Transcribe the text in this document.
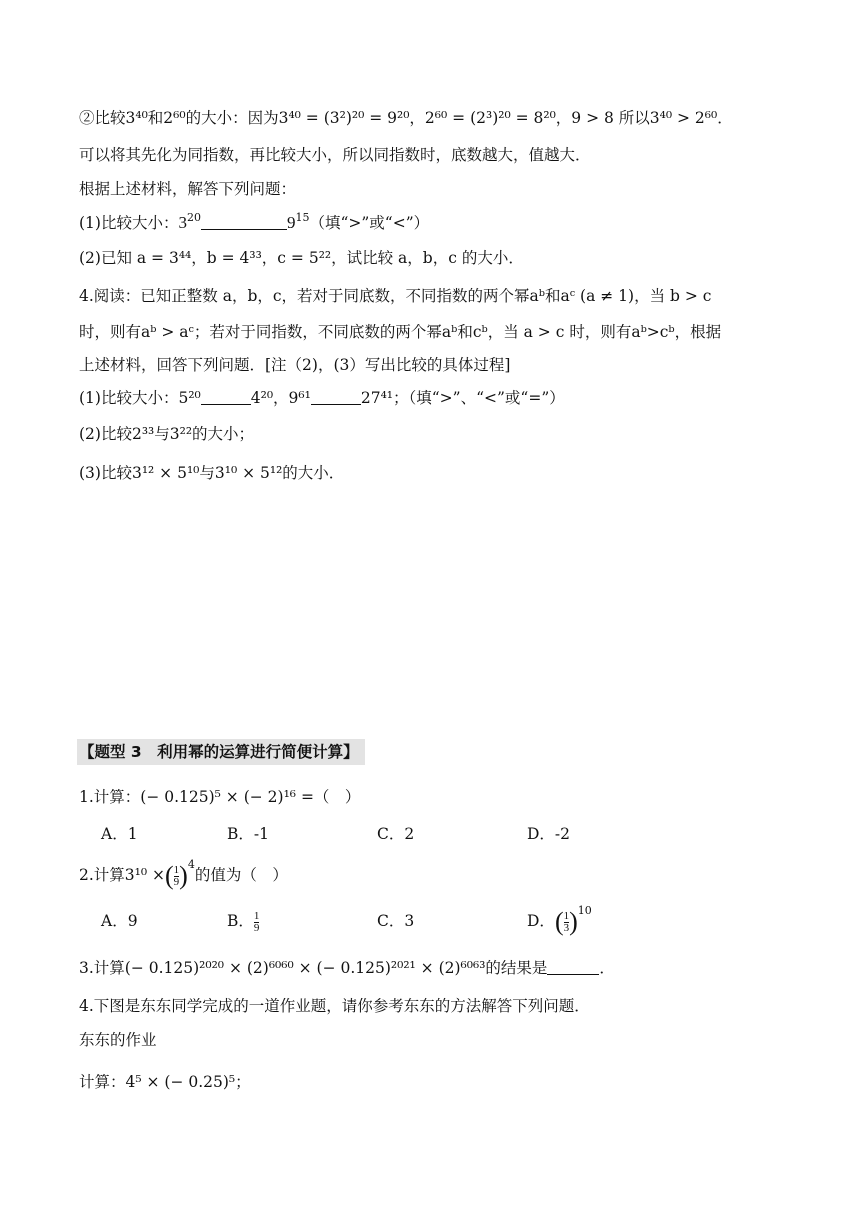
②比较3⁴⁰和2⁶⁰的大小：因为3⁴⁰ = (3²)²⁰ = 9²⁰，2⁶⁰ = (2³)²⁰ = 8²⁰，9 > 8 所以3⁴⁰ > 2⁶⁰．
可以将其先化为同指数，再比较大小，所以同指数时，底数越大，值越大．
根据上述材料，解答下列问题：
(1)比较大小：$3^{20}$	$9^{15}$（填“>”或“<”）
(2)已知 a = 3⁴⁴，b = 4³³，c = 5²²，试比较 a，b，c 的大小．
4.阅读：已知正整数 a，b，c，若对于同底数，不同指数的两个幂aᵇ和aᶜ (a ≠ 1)，当 b > c
时，则有aᵇ > aᶜ；若对于同指数，不同底数的两个幂aᵇ和cᵇ，当 a > c 时，则有aᵇ>cᵇ，根据
上述材料，回答下列问题．[注（2)，(3）写出比较的具体过程]
(1)比较大小：5²⁰	4²⁰，9⁶¹	27⁴¹；（填“>”、“<”或“=”）
(2)比较2³³与3²²的大小；
(3)比较3¹² × 5¹⁰与3¹⁰ × 5¹²的大小．
【题型 3　利用幂的运算进行简便计算】
1.计算：(− 0.125)⁵ × (− 2)¹⁶ =（　）
A．1	B．-1	C．2	D．-2
2.计算3¹⁰ ×( $\frac{1}{9} )^4$的值为（　）
A．9	B． $\frac{1}{9}$	C．3	D．( $\frac{1}{3} )^{10}$
3.计算(− 0.125)²⁰²⁰ × (2)⁶⁰⁶⁰ × (− 0.125)²⁰²¹ × (2)⁶⁰⁶³的结果是	．
4.下图是东东同学完成的一道作业题，请你参考东东的方法解答下列问题．
东东的作业
计算：4⁵ × (− 0.25)⁵；
